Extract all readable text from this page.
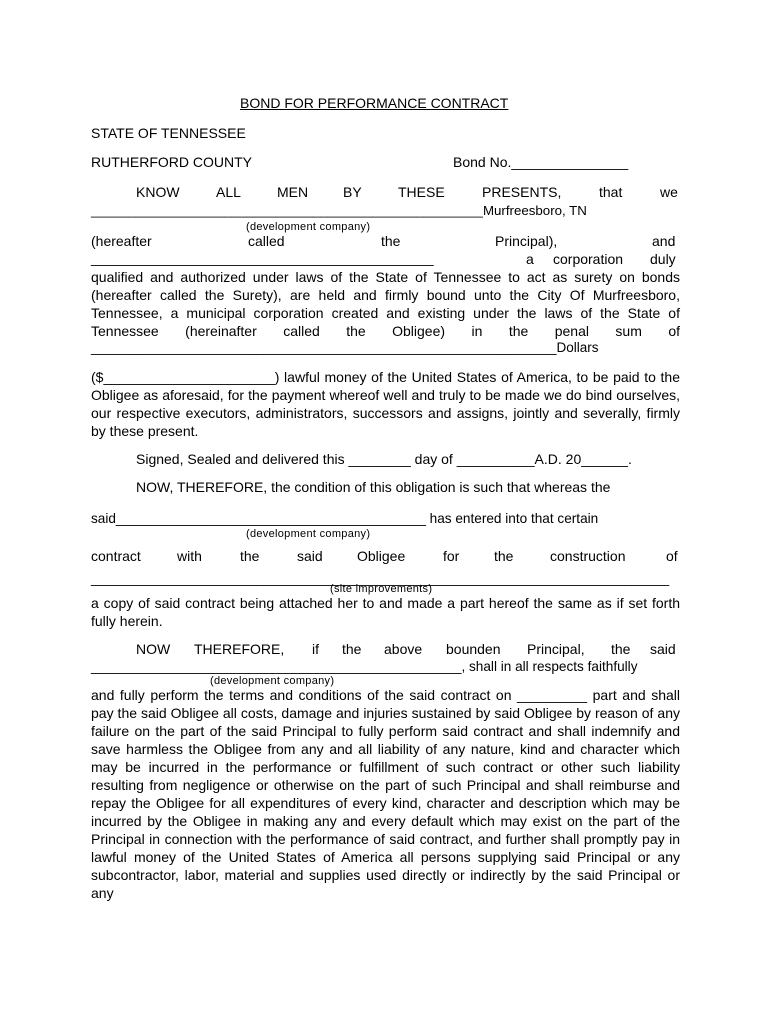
BOND FOR PERFORMANCE CONTRACT
STATE OF TENNESSEE
RUTHERFORD COUNTY	Bond No._______________
KNOW	ALL	MEN BY	THESE	PRESENTS,	that	we
_____________________________________________________Murfreesboro, TN
(development company)
(hereafter	called	the	Principal),	and
______________________________________________	a corporation duly
qualified and authorized under laws of the State of Tennessee to act as surety on bonds (hereafter called the Surety), are held and firmly bound unto the City Of Murfreesboro, Tennessee, a municipal corporation created and existing under the laws of the State of Tennessee (hereinafter called the Obligee) in the penal sum of
______________________________________________________________Dollars
($______________________) lawful money of the United States of America, to be paid to the Obligee as aforesaid, for the payment whereof well and truly to be made we do bind ourselves, our respective executors, administrators, successors and assigns, jointly and severally, firmly by these present.
Signed, Sealed and delivered this ________ day of __________A.D. 20______.
NOW, THEREFORE, the condition of this obligation is such that whereas the
said_________________________________________ has entered into that certain
(development company)
contract	with	the	said Obligee	for the	construction	of
_____________________________________________________________________________
(site improvements)
a copy of said contract being attached her to and made a part hereof the same as if set forth fully herein.
NOW THEREFORE, if the above bounden Principal, the said
_________________________________________________, shall in all respects faithfully
(development company)
and fully perform the terms and conditions of the said contract on _________ part and shall pay the said Obligee all costs, damage and injuries sustained by said Obligee by reason of any failure on the part of the said Principal to fully perform said contract and shall indemnify and save harmless the Obligee from any and all liability of any nature, kind and character which may be incurred in the performance or fulfillment of such contract or other such liability resulting from negligence or otherwise on the part of such Principal and shall reimburse and repay the Obligee for all expenditures of every kind, character and description which may be incurred by the Obligee in making any and every default which may exist on the part of the Principal in connection with the performance of said contract, and further shall promptly pay in lawful money of the United States of America all persons supplying said Principal or any subcontractor, labor, material and supplies used directly or indirectly by the said Principal or any
